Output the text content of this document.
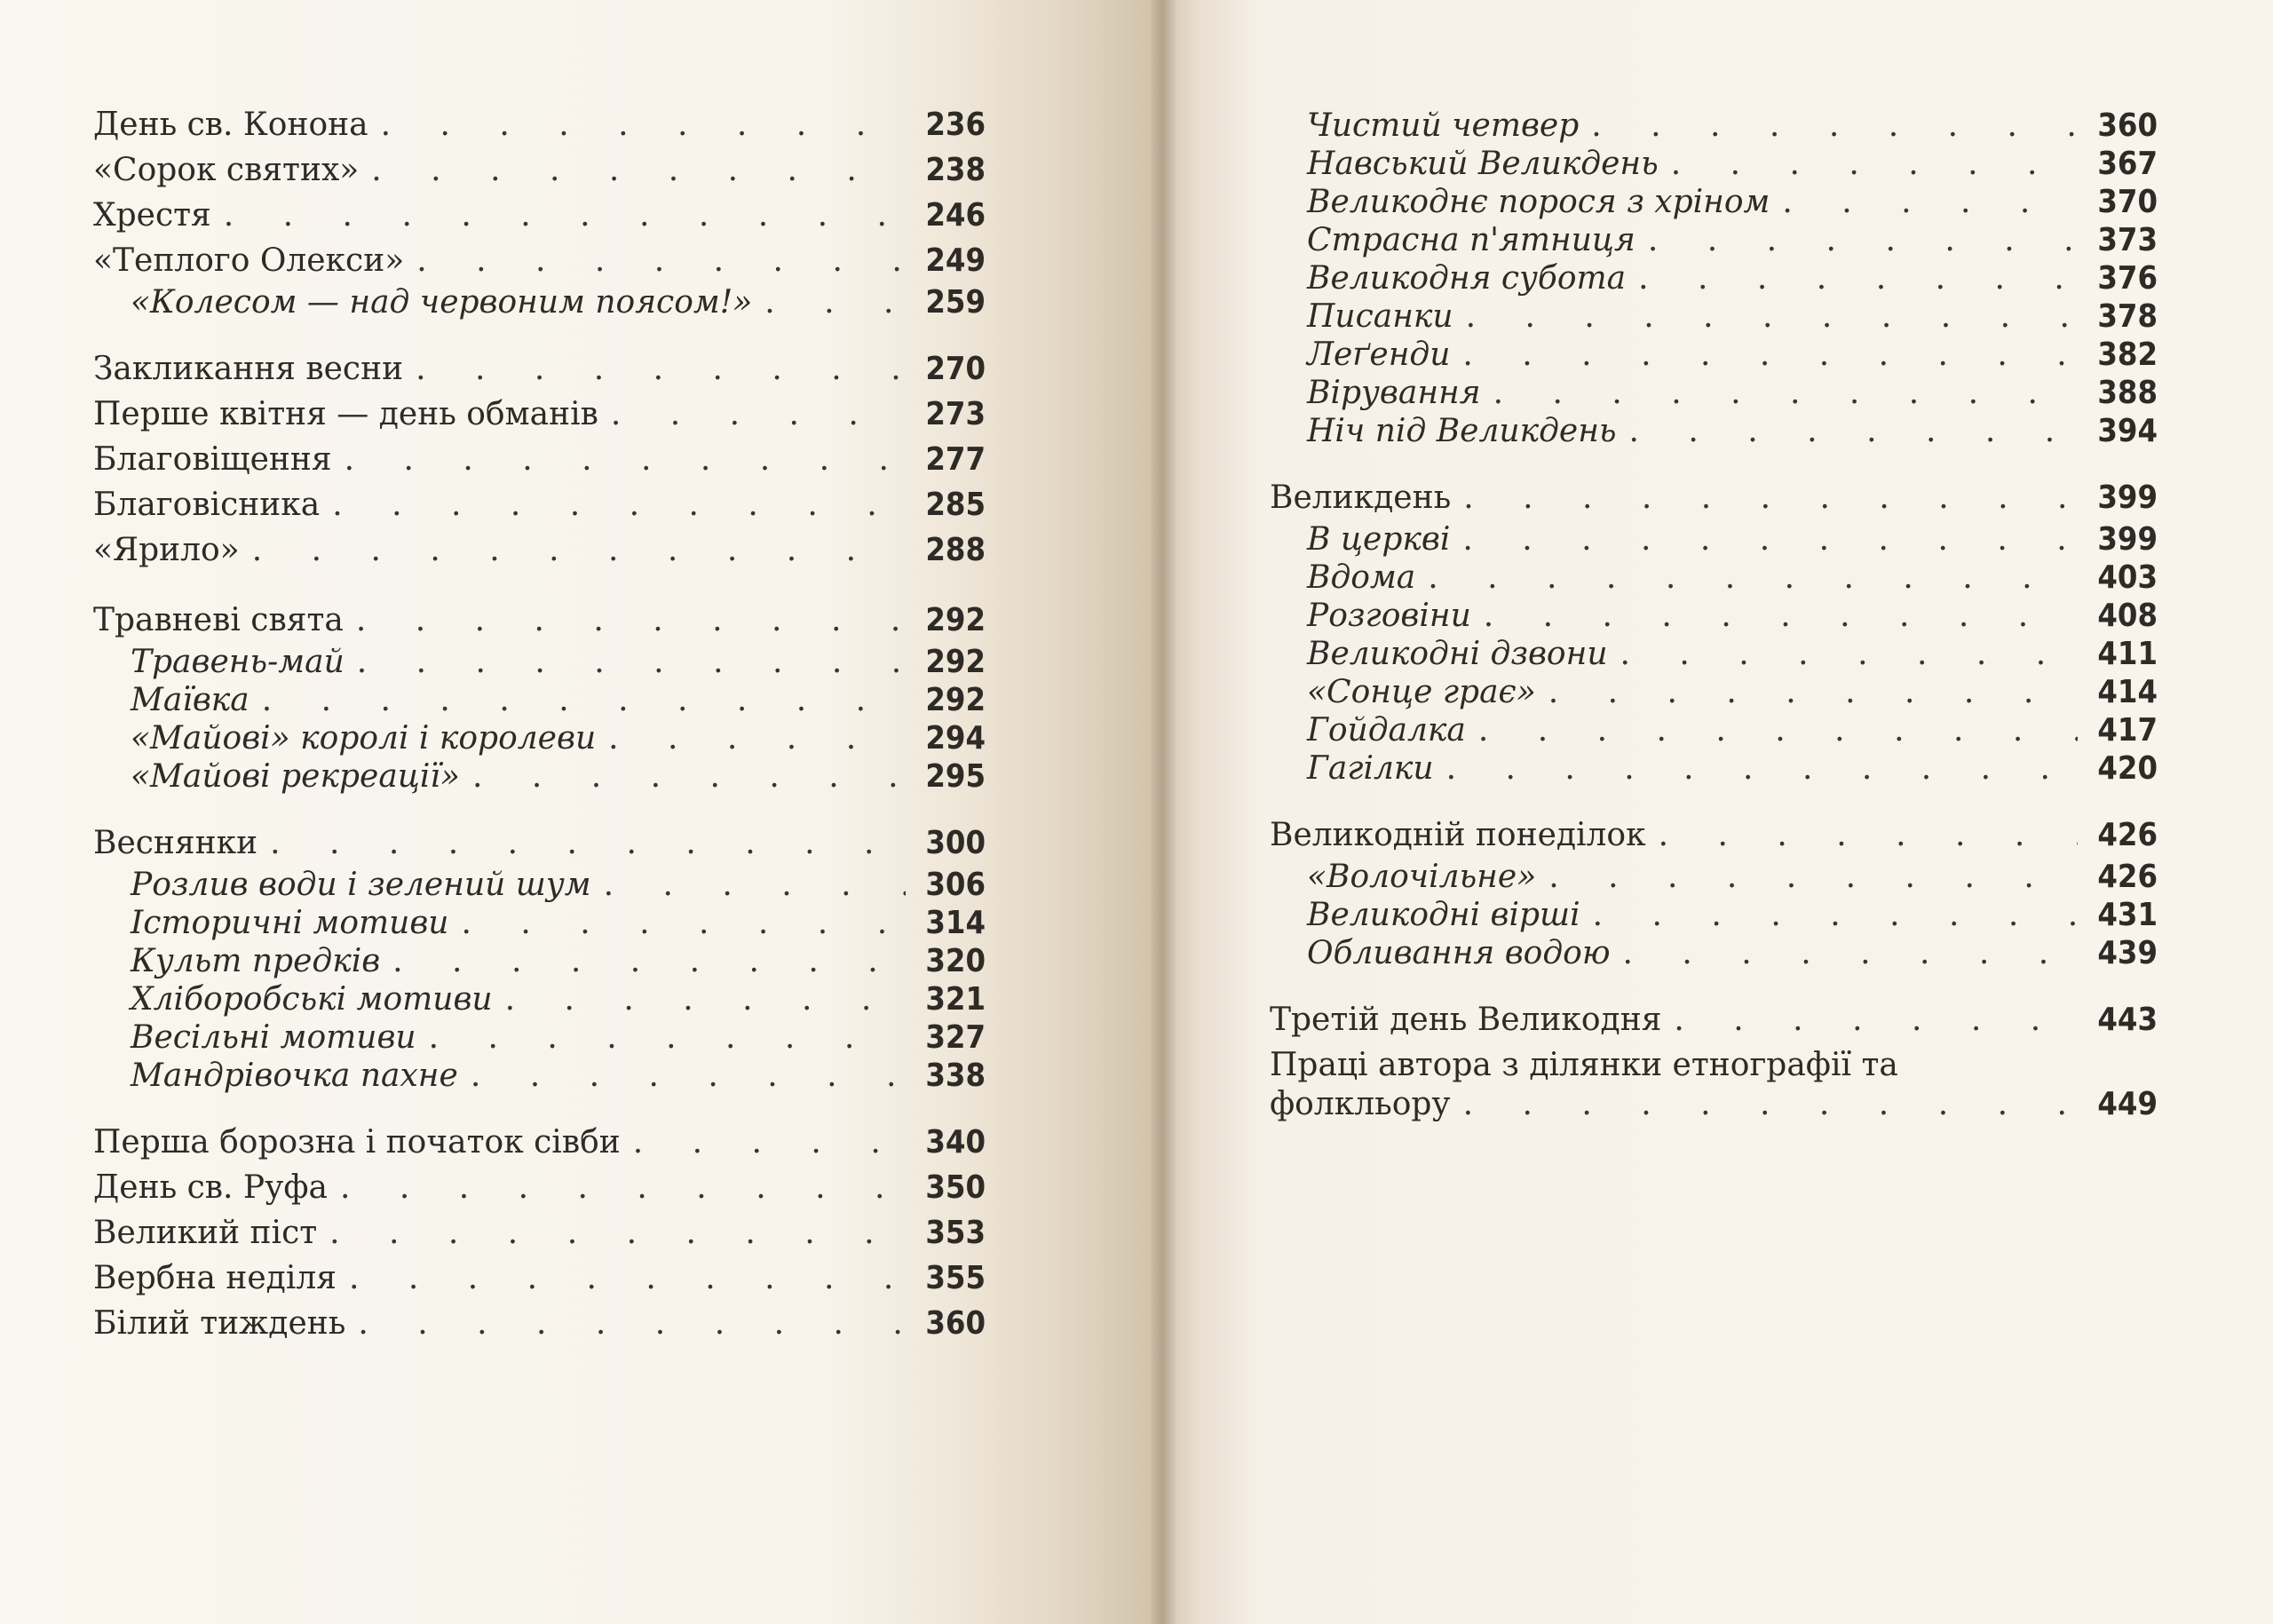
День св. Конона . . .	236
«Сорок святих» . . .	238
Хрестя . . .	246
«Теплого Олекси» . . .	249
«Колесом — над червоним поясом!» . . .	259
Закликання весни . . .	270
Перше квітня — день обманів . . .	273
Благовіщення . . .	277
Благовісника . . .	285
«Ярило» . . .	288
Травневі свята . . .	292
Травень-май . . .	292
Маївка . . .	292
«Майові» королі і королеви . . .	294
«Майові рекреації» . . .	295
Веснянки . . .	300
Розлив води і зелений шум . . .	306
Історичні мотиви . . .	314
Культ предків . . .	320
Хліборобські мотиви . . .	321
Весільні мотиви . . .	327
Мандрівочка пахне . . .	338
Перша борозна і початок сівби . . .	340
День св. Руфа . . .	350
Великий піст . . .	353
Вербна неділя . . .	355
Білий тиждень . . .	360
Чистий четвер . . .	360
Навський Великдень . . .	367
Великоднє порося з хріном . . .	370
Страсна п'ятниця . . .	373
Великодня субота . . .	376
Писанки . . .	378
Леґенди . . .	382
Вірування . . .	388
Ніч під Великдень . . .	394
Великдень . . .	399
В церкві . . .	399
Вдома . . .	403
Розговіни . . .	408
Великодні дзвони . . .	411
«Сонце грає» . . .	414
Гойдалка . . .	417
Гагілки . . .	420
Великодній понеділок . . .	426
«Волочільне» . . .	426
Великодні вірші . . .	431
Обливання водою . . .	439
Третій день Великодня . . .	443
Праці автора з ділянки етнографії та
фолкльору . . .	449
